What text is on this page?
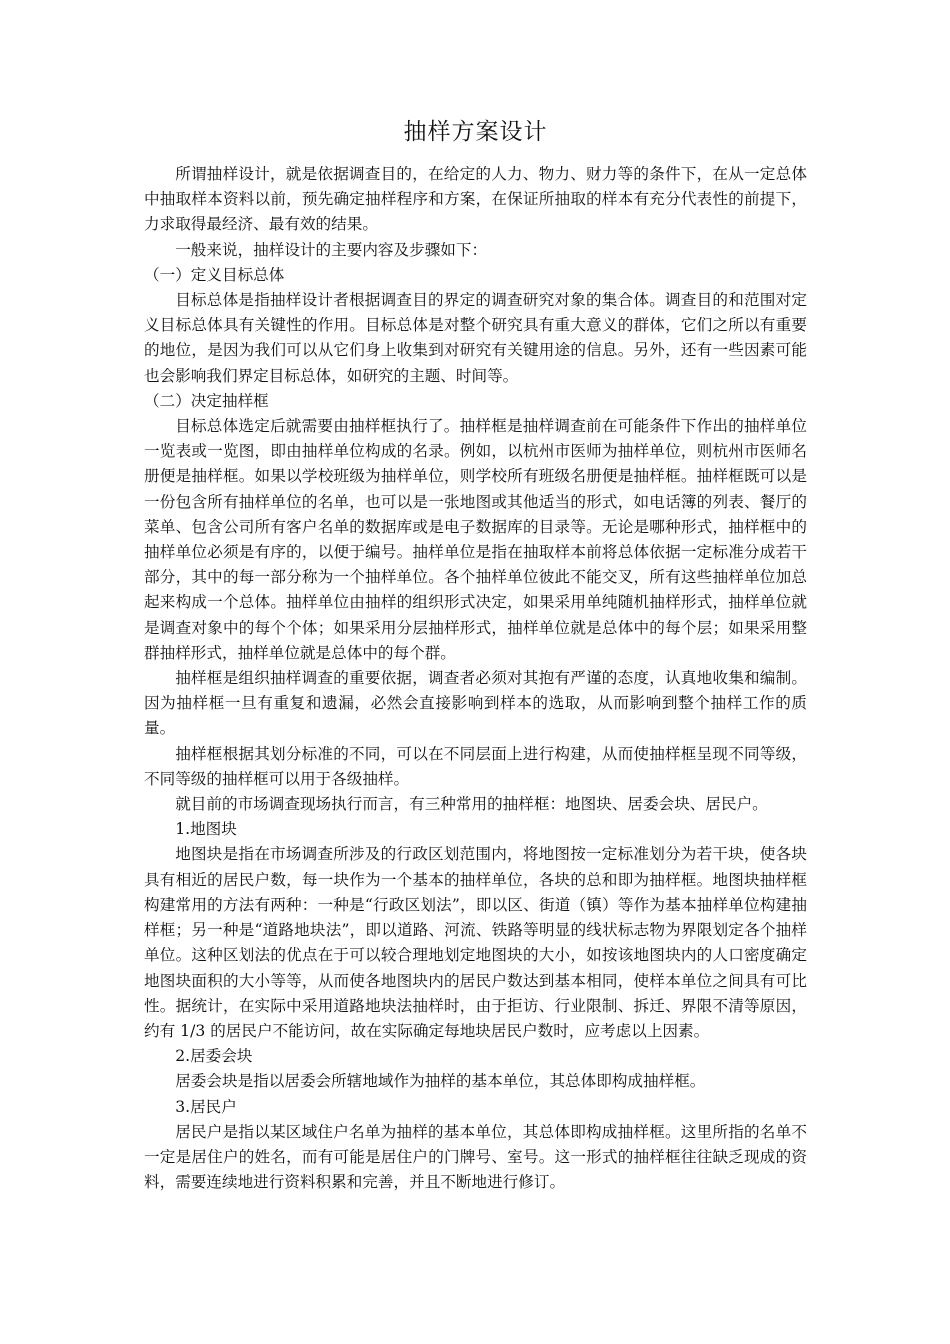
抽样方案设计

所谓抽样设计，就是依据调查目的，在给定的人力、物力、财力等的条件下，在从一定总体中抽取样本资料以前，预先确定抽样程序和方案，在保证所抽取的样本有充分代表性的前提下，力求取得最经济、最有效的结果。

一般来说，抽样设计的主要内容及步骤如下：

（一）定义目标总体

目标总体是指抽样设计者根据调查目的界定的调查研究对象的集合体。调查目的和范围对定义目标总体具有关键性的作用。目标总体是对整个研究具有重大意义的群体，它们之所以有重要的地位，是因为我们可以从它们身上收集到对研究有关键用途的信息。另外，还有一些因素可能也会影响我们界定目标总体，如研究的主题、时间等。

（二）决定抽样框

目标总体选定后就需要由抽样框执行了。抽样框是抽样调查前在可能条件下作出的抽样单位一览表或一览图，即由抽样单位构成的名录。例如，以杭州市医师为抽样单位，则杭州市医师名册便是抽样框。如果以学校班级为抽样单位，则学校所有班级名册便是抽样框。抽样框既可以是一份包含所有抽样单位的名单，也可以是一张地图或其他适当的形式，如电话簿的列表、餐厅的菜单、包含公司所有客户名单的数据库或是电子数据库的目录等。无论是哪种形式，抽样框中的抽样单位必须是有序的，以便于编号。抽样单位是指在抽取样本前将总体依据一定标准分成若干部分，其中的每一部分称为一个抽样单位。各个抽样单位彼此不能交叉，所有这些抽样单位加总起来构成一个总体。抽样单位由抽样的组织形式决定，如果采用单纯随机抽样形式，抽样单位就是调查对象中的每个个体；如果采用分层抽样形式，抽样单位就是总体中的每个层；如果采用整群抽样形式，抽样单位就是总体中的每个群。

抽样框是组织抽样调查的重要依据，调查者必须对其抱有严谨的态度，认真地收集和编制。因为抽样框一旦有重复和遗漏，必然会直接影响到样本的选取，从而影响到整个抽样工作的质量。

抽样框根据其划分标准的不同，可以在不同层面上进行构建，从而使抽样框呈现不同等级，不同等级的抽样框可以用于各级抽样。

就目前的市场调查现场执行而言，有三种常用的抽样框：地图块、居委会块、居民户。

1.地图块

地图块是指在市场调查所涉及的行政区划范围内，将地图按一定标准划分为若干块，使各块具有相近的居民户数，每一块作为一个基本的抽样单位，各块的总和即为抽样框。地图块抽样框构建常用的方法有两种：一种是“行政区划法”，即以区、街道（镇）等作为基本抽样单位构建抽样框；另一种是“道路地块法”，即以道路、河流、铁路等明显的线状标志物为界限划定各个抽样单位。这种区划法的优点在于可以较合理地划定地图块的大小，如按该地图块内的人口密度确定地图块面积的大小等等，从而使各地图块内的居民户数达到基本相同，使样本单位之间具有可比性。据统计，在实际中采用道路地块法抽样时，由于拒访、行业限制、拆迁、界限不清等原因，约有 1/3 的居民户不能访问，故在实际确定每地块居民户数时，应考虑以上因素。

2.居委会块

居委会块是指以居委会所辖地域作为抽样的基本单位，其总体即构成抽样框。

3.居民户

居民户是指以某区域住户名单为抽样的基本单位，其总体即构成抽样框。这里所指的名单不一定是居住户的姓名，而有可能是居住户的门牌号、室号。这一形式的抽样框往往缺乏现成的资料，需要连续地进行资料积累和完善，并且不断地进行修订。
